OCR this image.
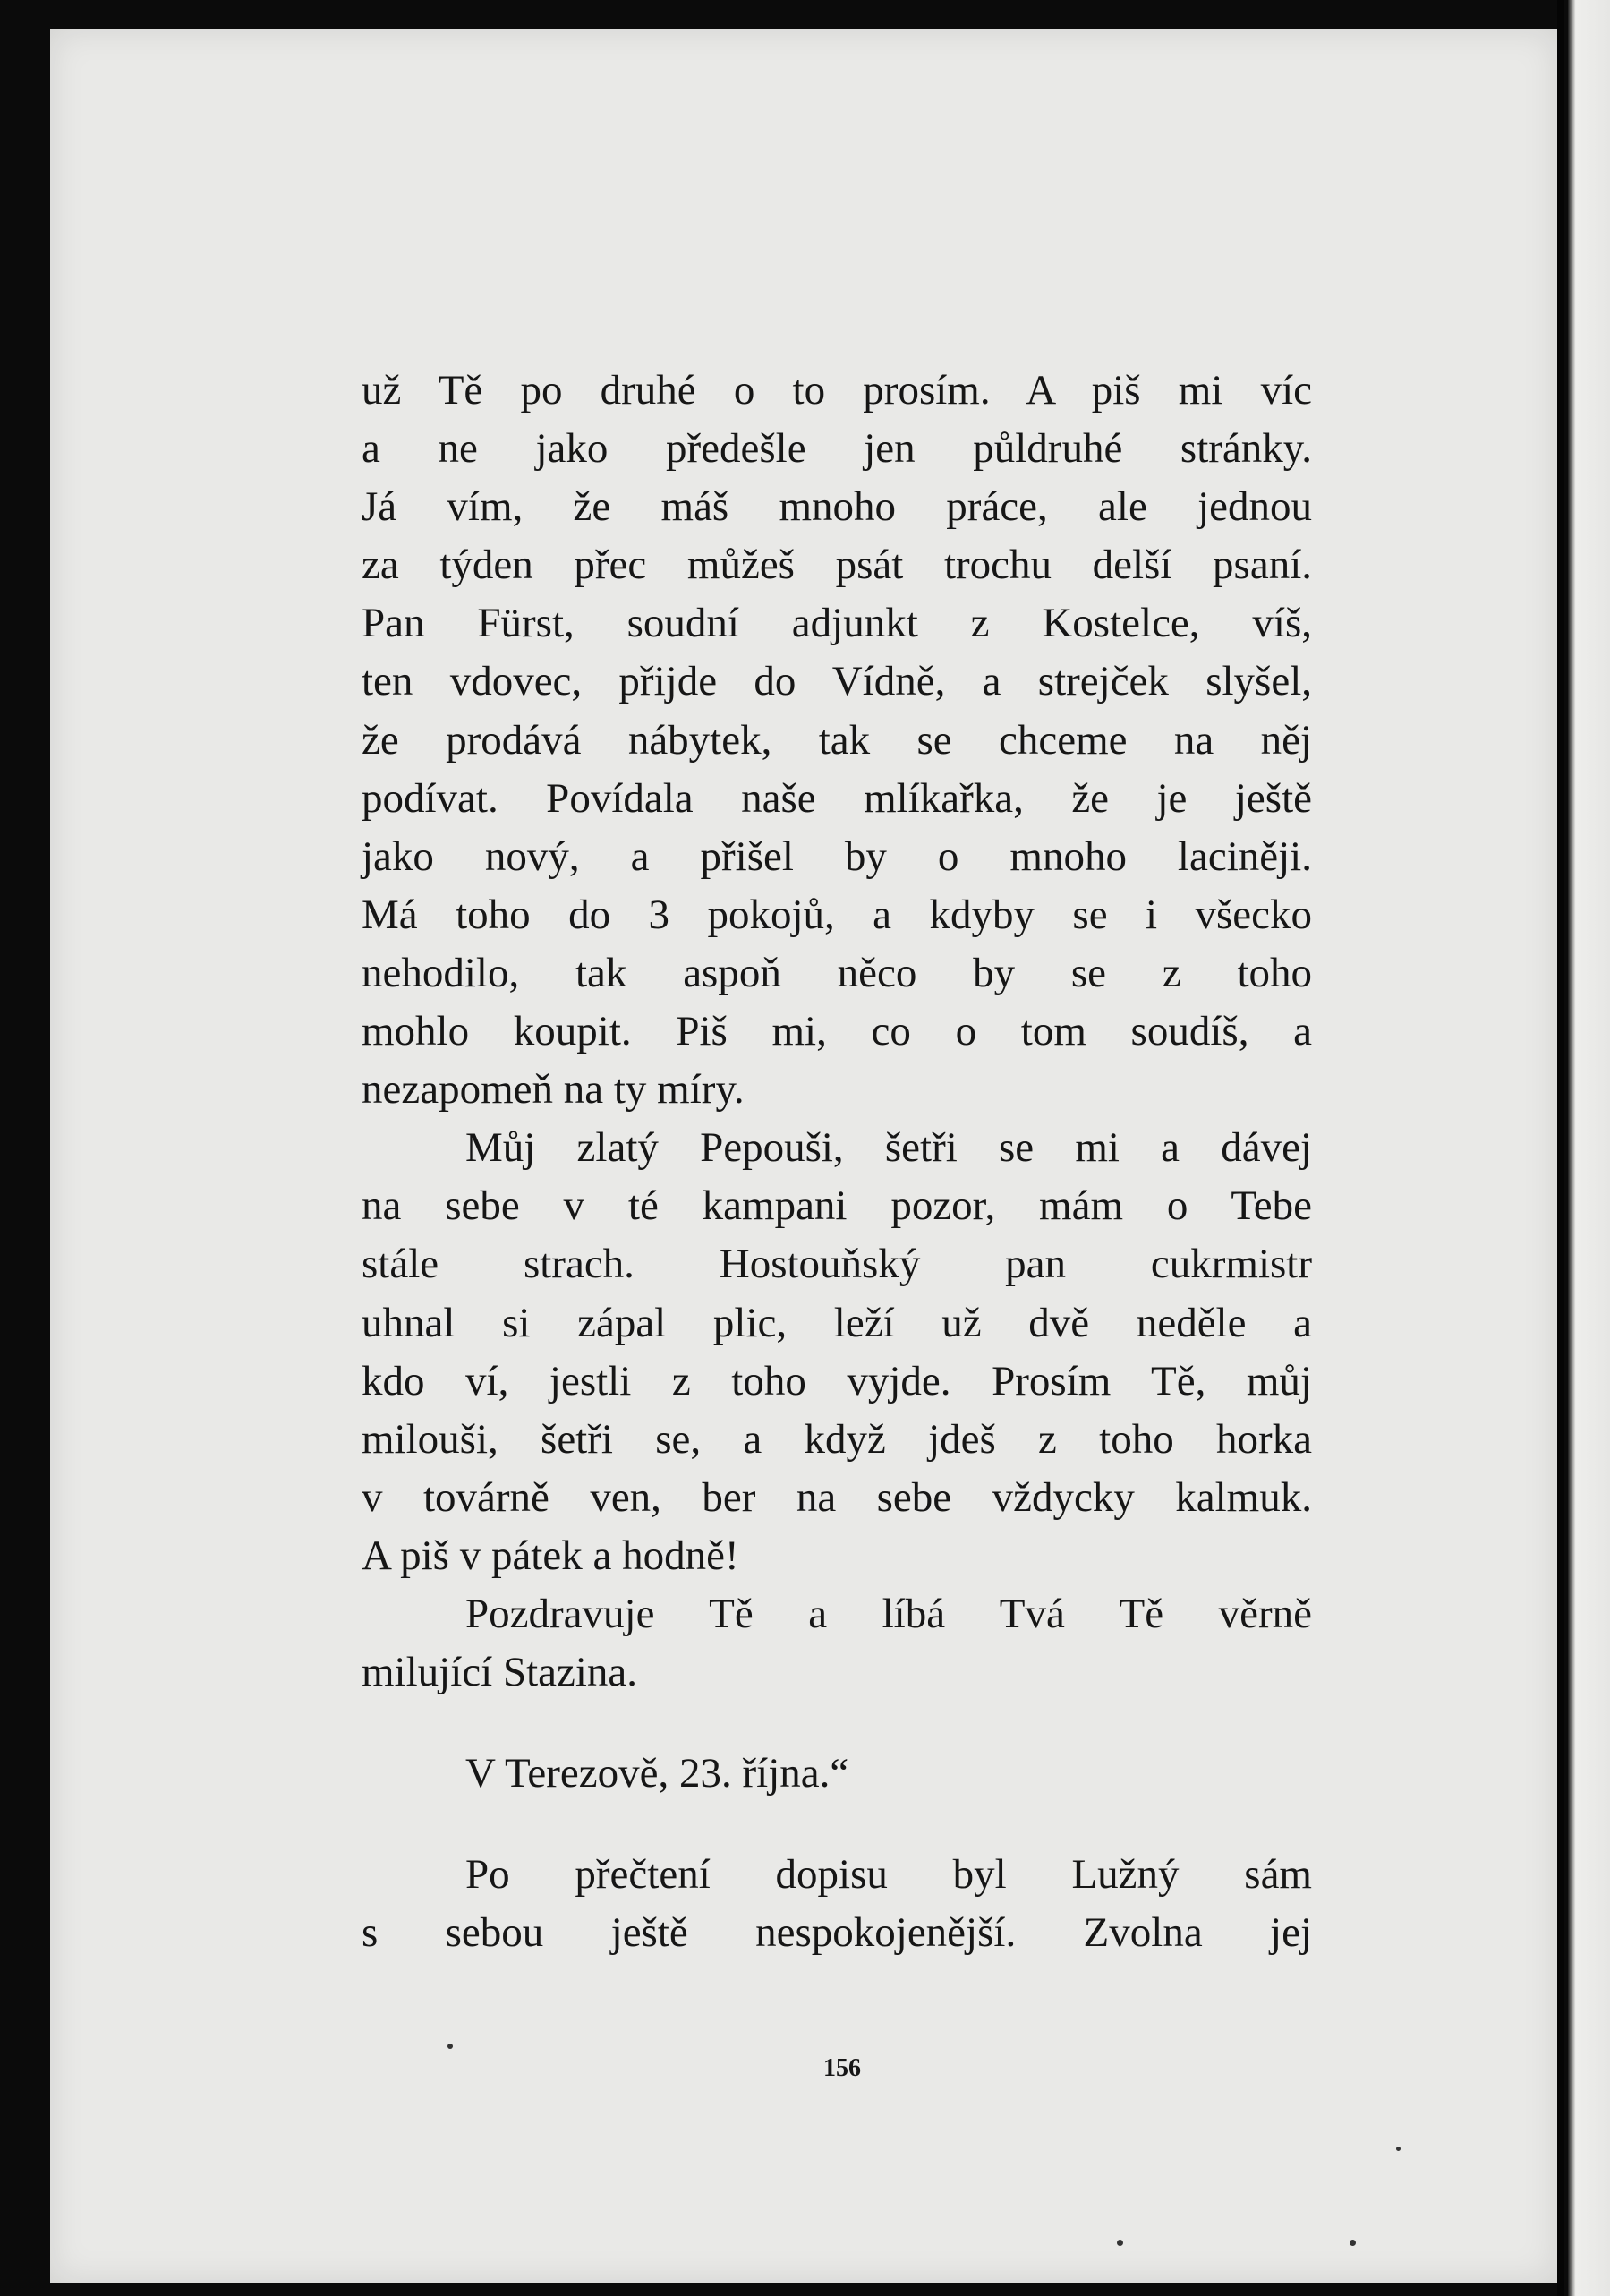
už Tě po druhé o to prosím. A piš mi víc
a ne jako předešle jen půldruhé stránky.
Já vím, že máš mnoho práce, ale jednou
za týden přec můžeš psát trochu delší psaní.
Pan Fürst, soudní adjunkt z Kostelce, víš,
ten vdovec, přijde do Vídně, a strejček slyšel,
že prodává nábytek, tak se chceme na něj
podívat. Povídala naše mlíkařka, že je ještě
jako nový, a přišel by o mnoho laciněji.
Má toho do 3 pokojů, a kdyby se i všecko
nehodilo, tak aspoň něco by se z toho
mohlo koupit. Piš mi, co o tom soudíš, a
nezapomeň na ty míry.
Můj zlatý Pepouši, šetři se mi a dávej
na sebe v té kampani pozor, mám o Tebe
stále strach. Hostouňský pan cukrmistr
uhnal si zápal plic, leží už dvě neděle a
kdo ví, jestli z toho vyjde. Prosím Tě, můj
milouši, šetři se, a když jdeš z toho horka
v továrně ven, ber na sebe vždycky kalmuk.
A piš v pátek a hodně!
Pozdravuje Tě a líbá Tvá Tě věrně
milující Stazina.
V Terezově, 23. října.“
Po přečtení dopisu byl Lužný sám
s sebou ještě nespokojenější. Zvolna jej
156
